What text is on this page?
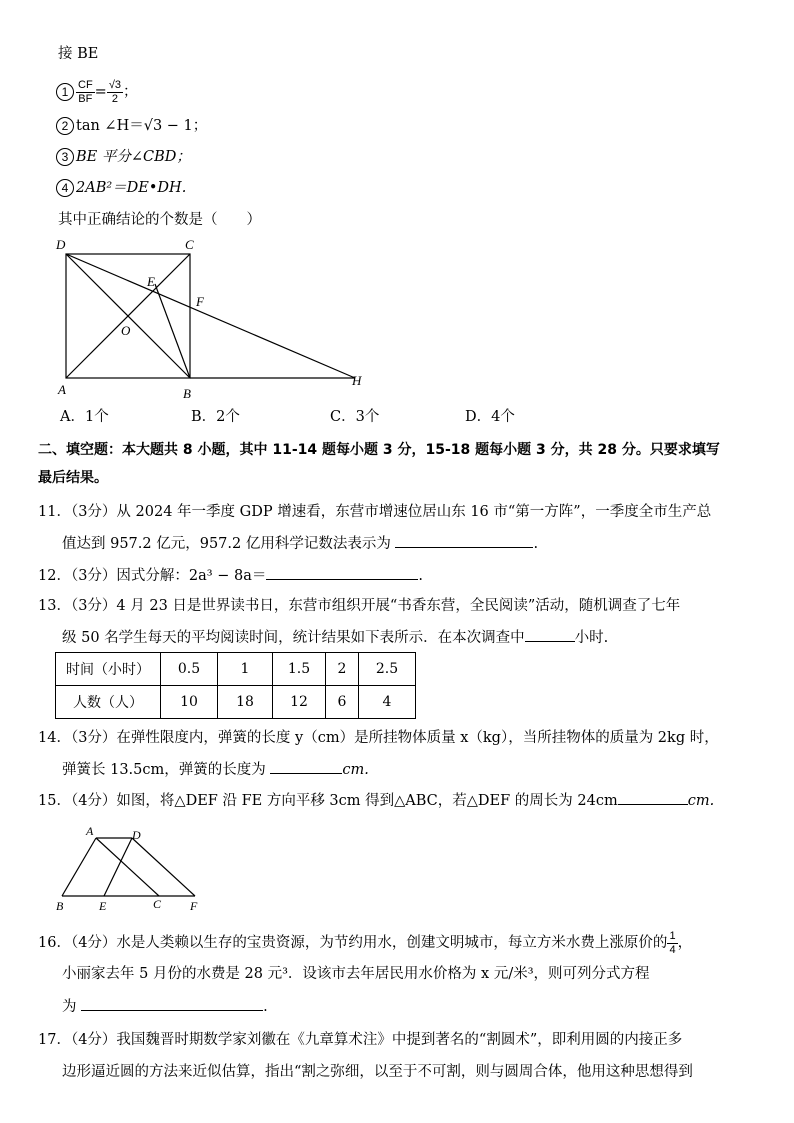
接 BE
$1 \frac{CF}{BF} = \frac{√3}{2}$ ；
2 tan ∠H＝√3 − 1；
3 BE 平分∠CBD；
4 2AB²＝DE•DH.
其中正确结论的个数是（　　）
D	C
E
F
O
A	B
H
A．1个	B．2个	C．3个	D．4个
二、填空题：本大题共 8 小题，其中 11-14 题每小题 3 分，15-18 题每小题 3 分，共 28 分。只要求填写
最后结果。
11．（3分）从 2024 年一季度 GDP 增速看，东营市增速位居山东 16 市“第一方阵”，一季度全市生产总
值达到 957.2 亿元，957.2 亿用科学记数法表示为	.
12．（3分）因式分解：2a³ − 8a＝	.
13．（3分）4 月 23 日是世界读书日，东营市组织开展“书香东营，全民阅读”活动，随机调查了七年
级 50 名学生每天的平均阅读时间，统计结果如下表所示．在本次调查中	小时.
时间（小时）	0.5	1	1.5	2	2.5
人数（人）	10	18	12	6	4
14．（3分）在弹性限度内，弹簧的长度 y（cm）是所挂物体质量 x（kg），当所挂物体的质量为 2kg 时，
弹簧长 13.5cm，弹簧的长度为	cm.
15．（4分）如图，将△DEF 沿 FE 方向平移 3cm 得到△ABC，若△DEF 的周长为 24cm	cm.
A	D
B	E	C F
16．（4分）水是人类赖以生存的宝贵资源，为节约用水，创建文明城市，每立方米水费上涨原价的 $\frac{1}{4}$ ，
小丽家去年 5 月份的水费是 28 元³．设该市去年居民用水价格为 x 元/米³，则可列分式方程
为	.
17．（4分）我国魏晋时期数学家刘徽在《九章算术注》中提到著名的“割圆术”，即利用圆的内接正多
边形逼近圆的方法来近似估算，指出“割之弥细，以至于不可割，则与圆周合体，他用这种思想得到
